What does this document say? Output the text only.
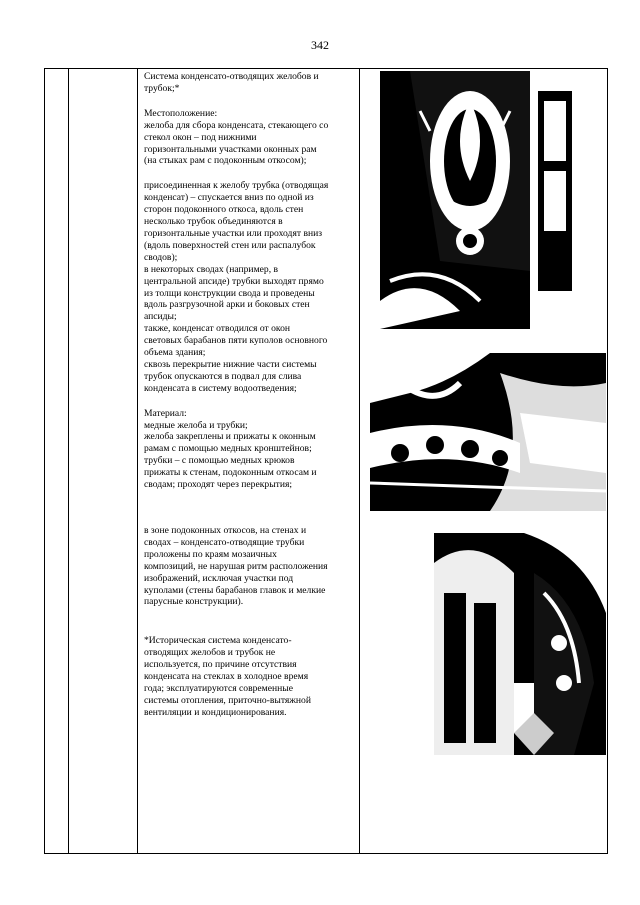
342

Система конденсато-отводящих желобов и
трубок;*

Местоположение:

желоба для сбора конденсата, стекающего со
стекол окон – под нижними
горизонтальными участками оконных рам
(на стыках рам с подоконным откосом);

присоединенная к желобу трубка (отводящая
конденсат) – спускается вниз по одной из
сторон подоконного откоса, вдоль стен
несколько трубок объединяются в
горизонтальные участки или проходят вниз
(вдоль поверхностей стен или распалубок
сводов);
в некоторых сводах (например, в
центральной апсиде) трубки выходят прямо
из толщи конструкции свода и проведены
вдоль разгрузочной арки и боковых стен
апсиды;
также, конденсат отводился от окон
световых барабанов пяти куполов основного
объема здания;
сквозь перекрытие нижние части системы
трубок опускаются в подвал для слива
конденсата в систему водоотведения;

Материал:

медные желоба и трубки;
желоба закреплены и прижаты к оконным
рамам с помощью медных кронштейнов;
трубки – с помощью медных крюков
прижаты к стенам, подоконным откосам и
сводам; проходят через перекрытия;

в зоне подоконных откосов, на стенах и
сводах – конденсато-отводящие трубки
проложены по краям мозаичных
композиций, не нарушая ритм расположения
изображений, исключая участки под
куполами (стены барабанов главок и мелкие
парусные конструкции).

*Историческая система конденсато-
отводящих желобов и трубок не
используется, по причине отсутствия
конденсата на стеклах в холодное время
года; эксплуатируются современные
системы отопления, приточно-вытяжной
вентиляции и кондиционирования.
